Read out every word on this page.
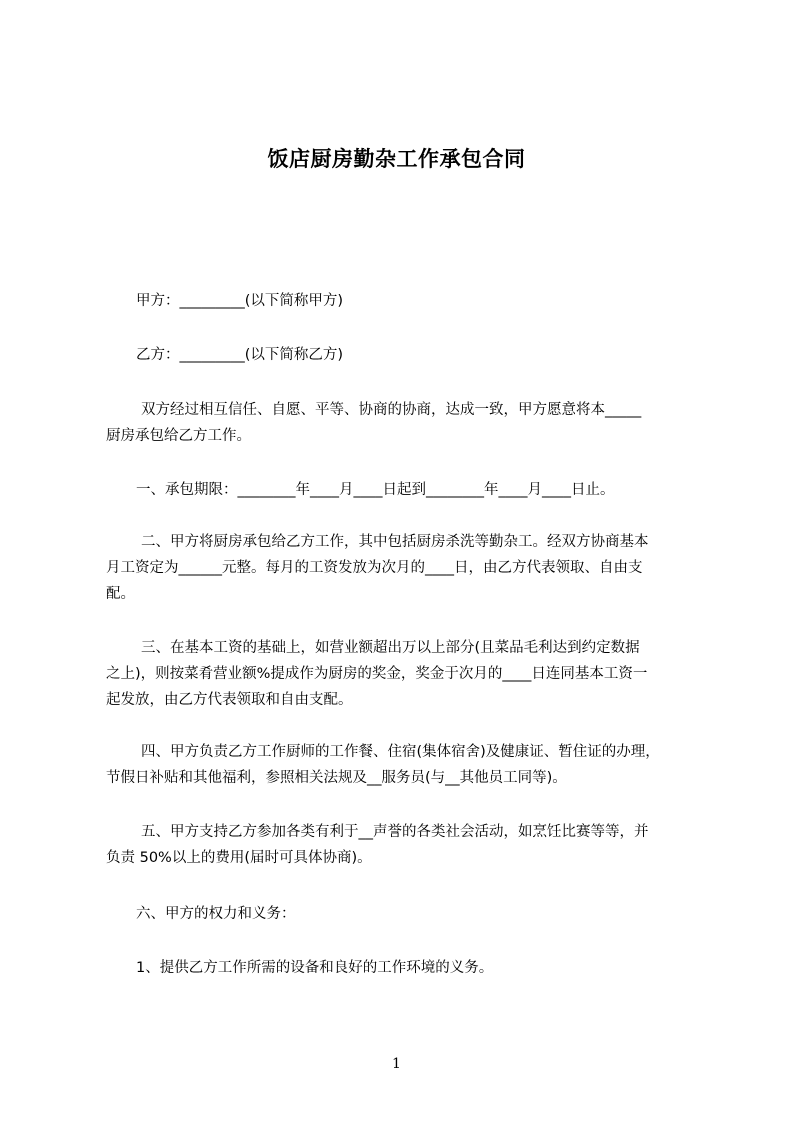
饭店厨房勤杂工作承包合同
甲方：_________(以下简称甲方)
乙方：_________(以下简称乙方)
双方经过相互信任、自愿、平等、协商的协商，达成一致，甲方愿意将本_____
厨房承包给乙方工作。
一、承包期限：________年____月____日起到________年____月____日止。
二、甲方将厨房承包给乙方工作，其中包括厨房杀洗等勤杂工。经双方协商基本
月工资定为______元整。每月的工资发放为次月的____日，由乙方代表领取、自由支
配。
三、在基本工资的基础上，如营业额超出万以上部分(且菜品毛利达到约定数据
之上)，则按菜肴营业额%提成作为厨房的奖金，奖金于次月的____日连同基本工资一
起发放，由乙方代表领取和自由支配。
四、甲方负责乙方工作厨师的工作餐、住宿(集体宿舍)及健康证、暂住证的办理，
节假日补贴和其他福利，参照相关法规及__服务员(与__其他员工同等)。
五、甲方支持乙方参加各类有利于__声誉的各类社会活动，如烹饪比赛等等，并
负责 50%以上的费用(届时可具体协商)。
六、甲方的权力和义务：
1、提供乙方工作所需的设备和良好的工作环境的义务。
1
